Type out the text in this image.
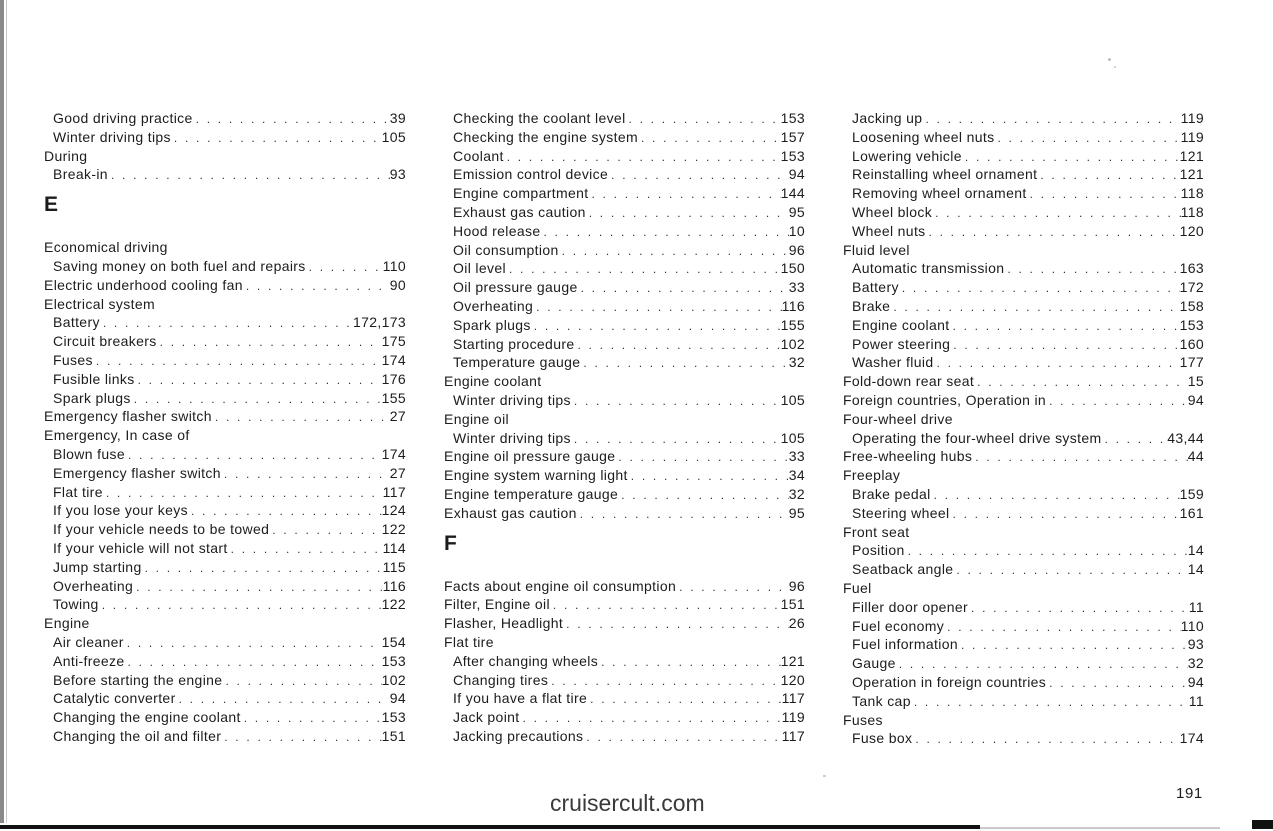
Good driving practice . . .	39
Winter driving tips . . .	105
During
Break-in . . .	93
E
Economical driving
Saving money on both fuel and repairs . . .	110
Electric underhood cooling fan . . .	90
Electrical system
Battery . . .	172,173
Circuit breakers . . .	175
Fuses . . .	174
Fusible links . . .	176
Spark plugs . . .	155
Emergency flasher switch . . .	27
Emergency, In case of
Blown fuse . . .	174
Emergency flasher switch . . .	27
Flat tire . . .	117
If you lose your keys . . .	124
If your vehicle needs to be towed . . .	122
If your vehicle will not start . . .	114
Jump starting . . .	115
Overheating . . .	116
Towing . . .	122
Engine
Air cleaner . . .	154
Anti-freeze . . .	153
Before starting the engine . . .	102
Catalytic converter . . .	94
Changing the engine coolant . . .	153
Changing the oil and filter . . .	151
Checking the coolant level . . .	153
Checking the engine system . . .	157
Coolant . . .	153
Emission control device . . .	94
Engine compartment . . .	144
Exhaust gas caution . . .	95
Hood release . . .	10
Oil consumption . . .	96
Oil level . . .	150
Oil pressure gauge . . .	33
Overheating . . .	116
Spark plugs . . .	155
Starting procedure . . .	102
Temperature gauge . . .	32
Engine coolant
Winter driving tips . . .	105
Engine oil
Winter driving tips . . .	105
Engine oil pressure gauge . . .	33
Engine system warning light . . .	34
Engine temperature gauge . . .	32
Exhaust gas caution . . .	95
F
Facts about engine oil consumption . . .	96
Filter, Engine oil . . .	151
Flasher, Headlight . . .	26
Flat tire
After changing wheels . . .	121
Changing tires . . .	120
If you have a flat tire . . .	117
Jack point . . .	119
Jacking precautions . . .	117
Jacking up . . .	119
Loosening wheel nuts . . .	119
Lowering vehicle . . .	121
Reinstalling wheel ornament . . .	121
Removing wheel ornament . . .	118
Wheel block . . .	118
Wheel nuts . . .	120
Fluid level
Automatic transmission . . .	163
Battery . . .	172
Brake . . .	158
Engine coolant . . .	153
Power steering . . .	160
Washer fluid . . .	177
Fold-down rear seat . . .	15
Foreign countries, Operation in . . .	94
Four-wheel drive
Operating the four-wheel drive system . . .	43,44
Free-wheeling hubs . . .	44
Freeplay
Brake pedal . . .	159
Steering wheel . . .	161
Front seat
Position . . .	14
Seatback angle . . .	14
Fuel
Filler door opener . . .	11
Fuel economy . . .	110
Fuel information . . .	93
Gauge . . .	32
Operation in foreign countries . . .	94
Tank cap . . .	11
Fuses
Fuse box . . .	174
191
cruisercult.com
